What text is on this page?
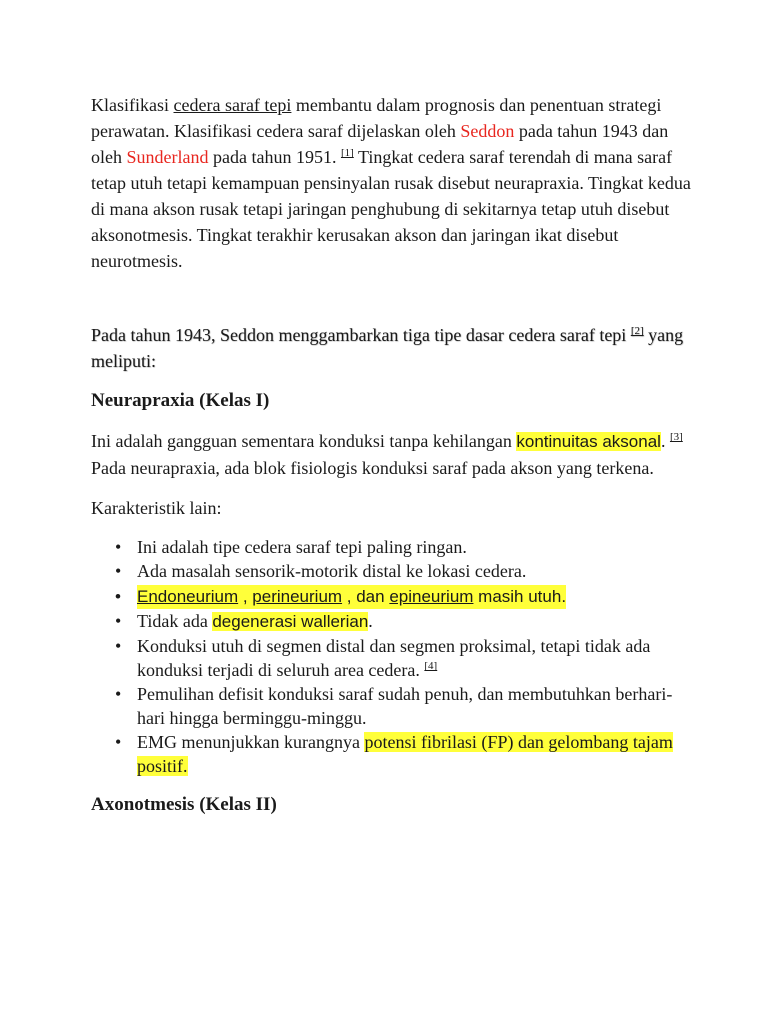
Klasifikasi cedera saraf tepi membantu dalam prognosis dan penentuan strategi perawatan. Klasifikasi cedera saraf dijelaskan oleh Seddon pada tahun 1943 dan oleh Sunderland pada tahun 1951. [1] Tingkat cedera saraf terendah di mana saraf tetap utuh tetapi kemampuan pensinyalan rusak disebut neurapraxia. Tingkat kedua di mana akson rusak tetapi jaringan penghubung di sekitarnya tetap utuh disebut aksonotmesis. Tingkat terakhir kerusakan akson dan jaringan ikat disebut neurotmesis.

Pada tahun 1943, Seddon menggambarkan tiga tipe dasar cedera saraf tepi [2] yang meliputi:

Neurapraxia (Kelas I)

Ini adalah gangguan sementara konduksi tanpa kehilangan kontinuitas aksonal. [3] Pada neurapraxia, ada blok fisiologis konduksi saraf pada akson yang terkena.

Karakteristik lain:

• Ini adalah tipe cedera saraf tepi paling ringan.
• Ada masalah sensorik-motorik distal ke lokasi cedera.
• Endoneurium , perineurium , dan epineurium masih utuh.
• Tidak ada degenerasi wallerian.
• Konduksi utuh di segmen distal dan segmen proksimal, tetapi tidak ada konduksi terjadi di seluruh area cedera. [4]
• Pemulihan defisit konduksi saraf sudah penuh, dan membutuhkan berhari-hari hingga berminggu-minggu.
• EMG menunjukkan kurangnya potensi fibrilasi (FP) dan gelombang tajam positif.
Axonotmesis (Kelas II)
